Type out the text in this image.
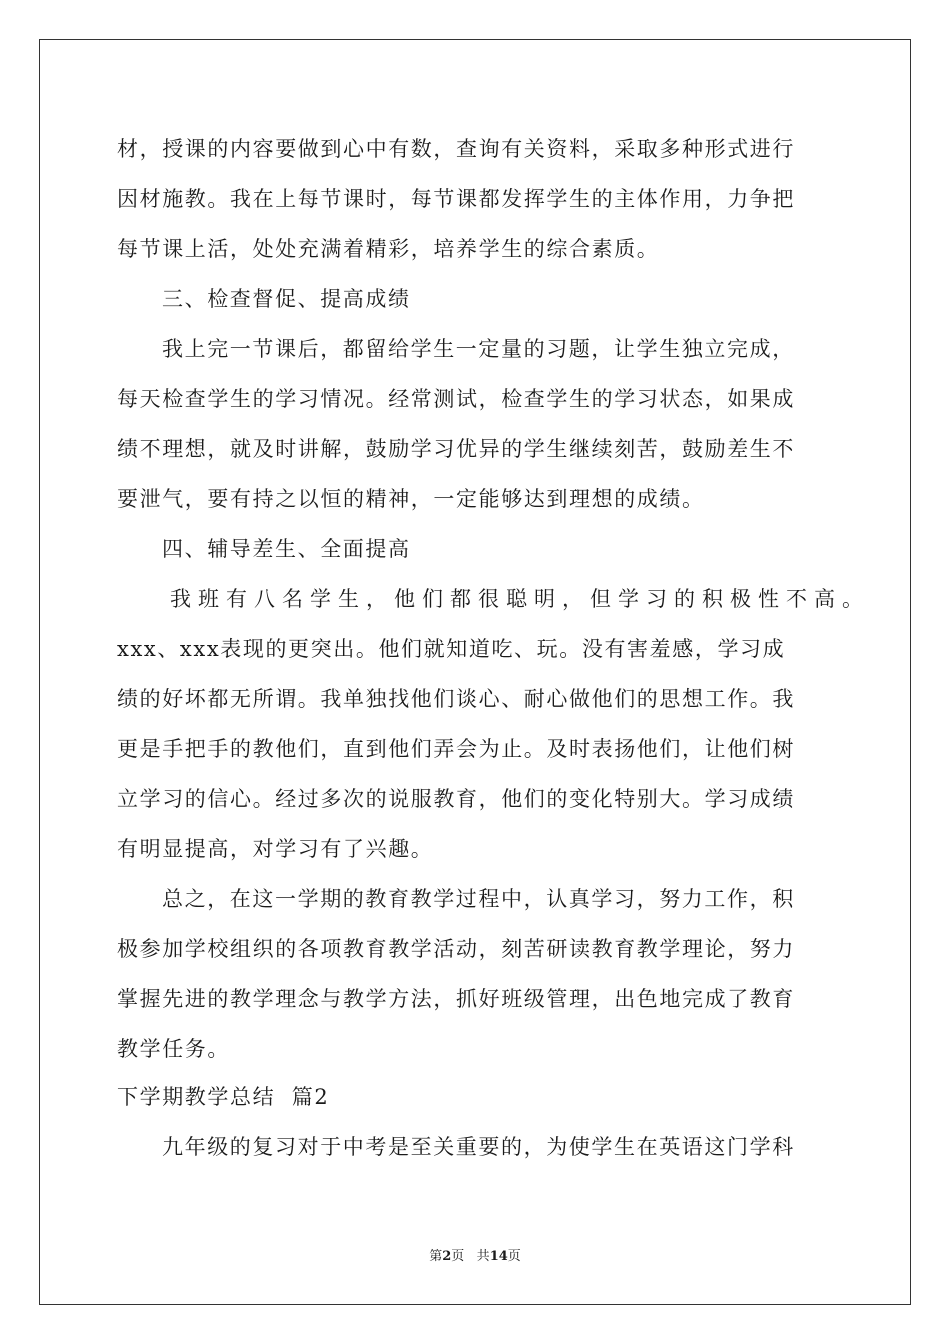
材，授课的内容要做到心中有数，查询有关资料，采取多种形式进行
因材施教。我在上每节课时，每节课都发挥学生的主体作用，力争把
每节课上活，处处充满着精彩，培养学生的综合素质。
三、检查督促、提高成绩
我上完一节课后，都留给学生一定量的习题，让学生独立完成，
每天检查学生的学习情况。经常测试，检查学生的学习状态，如果成
绩不理想，就及时讲解，鼓励学习优异的学生继续刻苦，鼓励差生不
要泄气，要有持之以恒的精神，一定能够达到理想的成绩。
四、辅导差生、全面提高
我班有八名学生，他们都很聪明，但学习的积极性不高。
xxx、xxx表现的更突出。他们就知道吃、玩。没有害羞感，学习成
绩的好坏都无所谓。我单独找他们谈心、耐心做他们的思想工作。我
更是手把手的教他们，直到他们弄会为止。及时表扬他们，让他们树
立学习的信心。经过多次的说服教育，他们的变化特别大。学习成绩
有明显提高，对学习有了兴趣。
总之，在这一学期的教育教学过程中，认真学习，努力工作，积
极参加学校组织的各项教育教学活动，刻苦研读教育教学理论，努力
掌握先进的教学理念与教学方法，抓好班级管理，出色地完成了教育
教学任务。
下学期教学总结  篇2
九年级的复习对于中考是至关重要的，为使学生在英语这门学科
第2页 共14页
